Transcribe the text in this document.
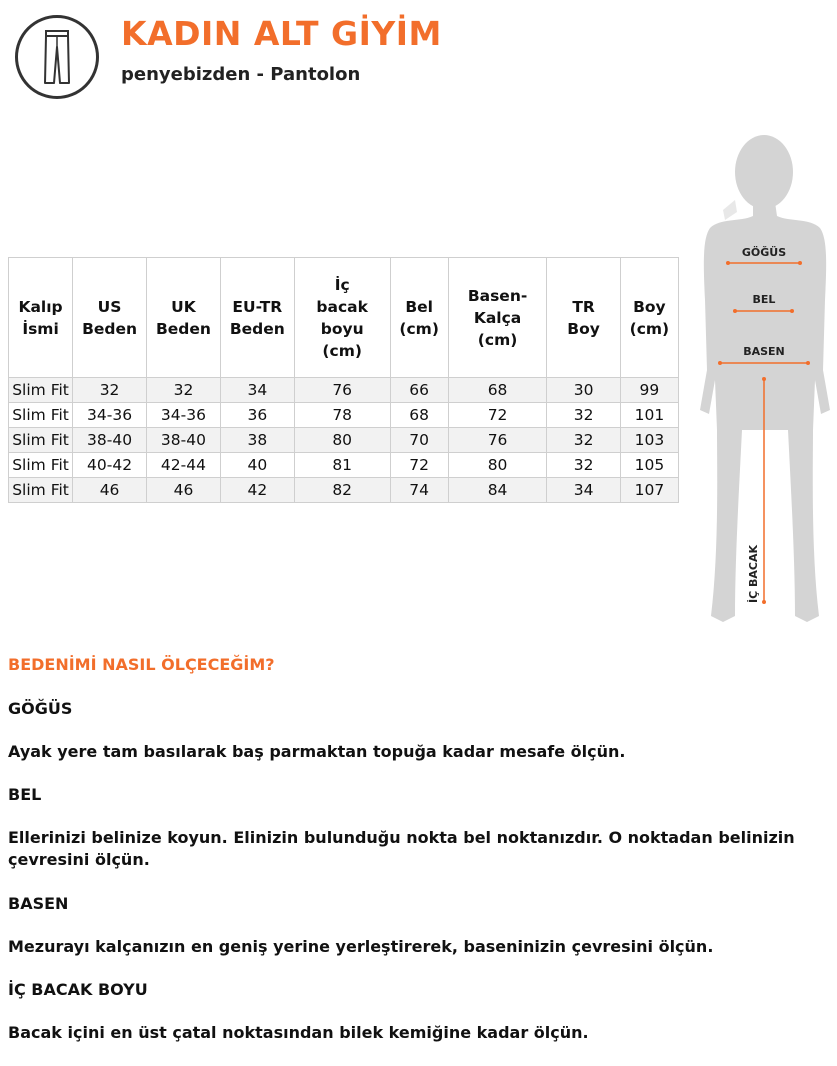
KADIN ALT GİYİM
penyebizden - Pantolon
Kalıp İsmi	US Beden	UK Beden	EU-TR Beden	İç bacak boyu (cm)	Bel (cm)	Basen-Kalça (cm)	TR Boy	Boy (cm)
Slim Fit	32	32	34	76	66	68	30	99
Slim Fit	34-36	34-36	36	78	68	72	32	101
Slim Fit	38-40	38-40	38	80	70	76	32	103
Slim Fit	40-42	42-44	40	81	72	80	32	105
Slim Fit	46	46	42	82	74	84	34	107
GÖĞÜS
BEL
BASEN
İÇ BACAK
BEDENİMİ NASIL ÖLÇECEĞİM?
GÖĞÜS
Ayak yere tam basılarak baş parmaktan topuğa kadar mesafe ölçün.
BEL
Ellerinizi belinize koyun. Elinizin bulunduğu nokta bel noktanızdır. O noktadan belinizin çevresini ölçün.
BASEN
Mezurayı kalçanızın en geniş yerine yerleştirerek, baseninizin çevresini ölçün.
İÇ BACAK BOYU
Bacak içini en üst çatal noktasından bilek kemiğine kadar ölçün.
